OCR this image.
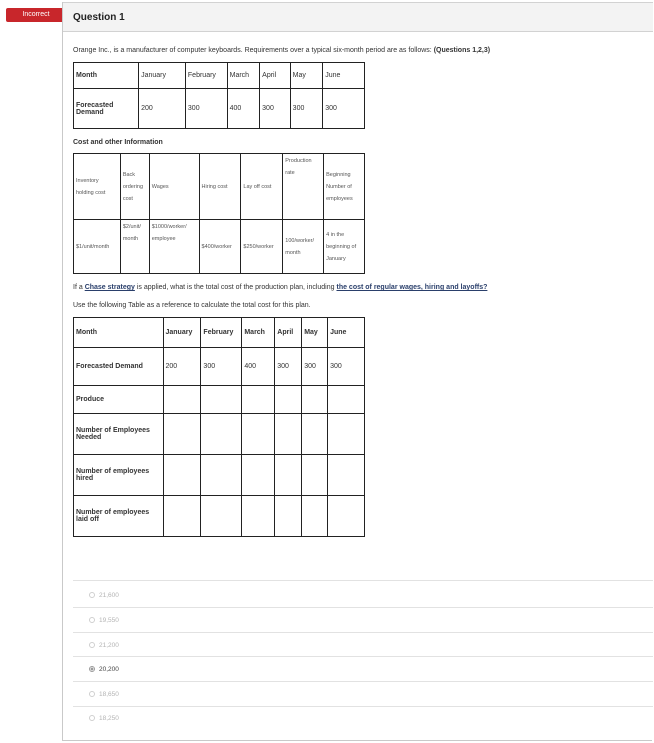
Incorrect	Question 1
Orange Inc., is a manufacturer of computer keyboards. Requirements over a typical six-month period are as follows: (Questions 1,2,3)
Month	January	February	March	April	May	June
Forecasted Demand	200	300	400	300	300	300
Cost and other Information
Inventory holding cost	Back ordering cost	Wages	Hiring cost	Lay off cost	Production rate	Beginning Number of employees
$1/unit/month	$2/unit/ month	$1000/worker/ employee	$400/worker	$250/worker	100/worker/ month	4 in the beginning of January
If a Chase strategy is applied, what is the total cost of the production plan, including the cost of regular wages, hiring and layoffs?
Use the following Table as a reference to calculate the total cost for this plan.
Month	January	February	March	April	May	June
Forecasted Demand	200	300	400	300	300	300
Produce						
Number of Employees Needed						
Number of employees hired						
Number of employees laid off						
21,600
19,550
21,200
20,200
18,650
18,250
